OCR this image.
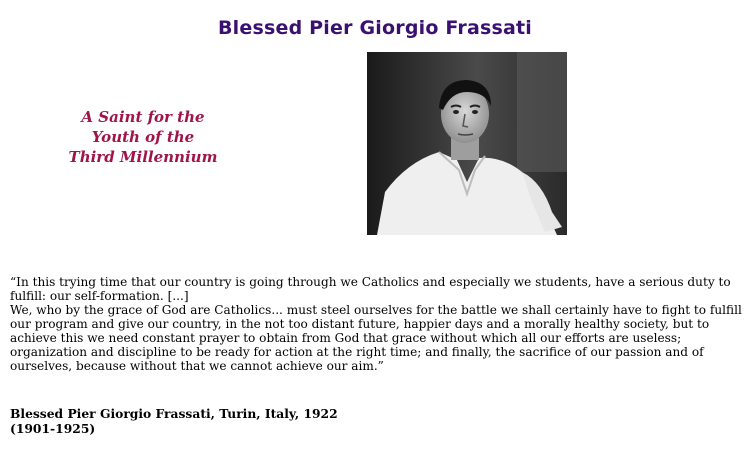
Blessed Pier Giorgio Frassati
A Saint for the
Youth of the
Third Millennium

“In this trying time that our country is going through we Catholics and especially we students, have a serious duty to fulfill: our self-formation. [...]

We, who by the grace of God are Catholics... must steel ourselves for the battle we shall certainly have to fight to fulfill our program and give our country, in the not too distant future, happier days and a morally healthy society, but to achieve this we need constant prayer to obtain from God that grace without which all our efforts are useless; organization and discipline to be ready for action at the right time; and finally, the sacrifice of our passion and of ourselves, because without that we cannot achieve our aim.”

Blessed Pier Giorgio Frassati, Turin, Italy, 1922
(1901-1925)
